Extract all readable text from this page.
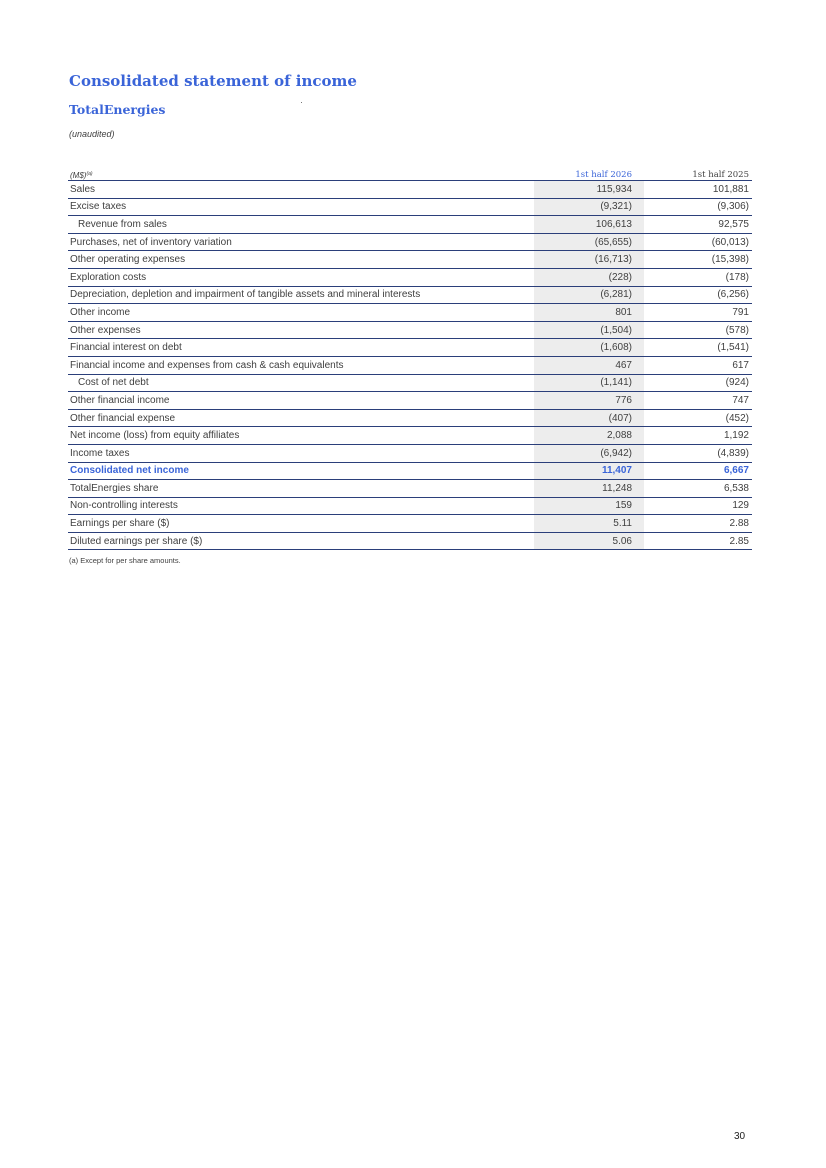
Consolidated statement of income
TotalEnergies
(unaudited)
(M$)$^{(a)}$	1st half 2026	1st half 2025
Sales	115,934	101,881
Excise taxes	(9,321)	(9,306)
Revenue from sales	106,613	92,575
Purchases, net of inventory variation	(65,655)	(60,013)
Other operating expenses	(16,713)	(15,398)
Exploration costs	(228)	(178)
Depreciation, depletion and impairment of tangible assets and mineral interests	(6,281)	(6,256)
Other income	801	791
Other expenses	(1,504)	(578)
Financial interest on debt	(1,608)	(1,541)
Financial income and expenses from cash & cash equivalents	467	617
Cost of net debt	(1,141)	(924)
Other financial income	776	747
Other financial expense	(407)	(452)
Net income (loss) from equity affiliates	2,088	1,192
Income taxes	(6,942)	(4,839)
Consolidated net income	11,407	6,667
TotalEnergies share	11,248	6,538
Non-controlling interests	159	129
Earnings per share ($)	5.11	2.88
Diluted earnings per share ($)	5.06	2.85
(a) Except for per share amounts.
30
